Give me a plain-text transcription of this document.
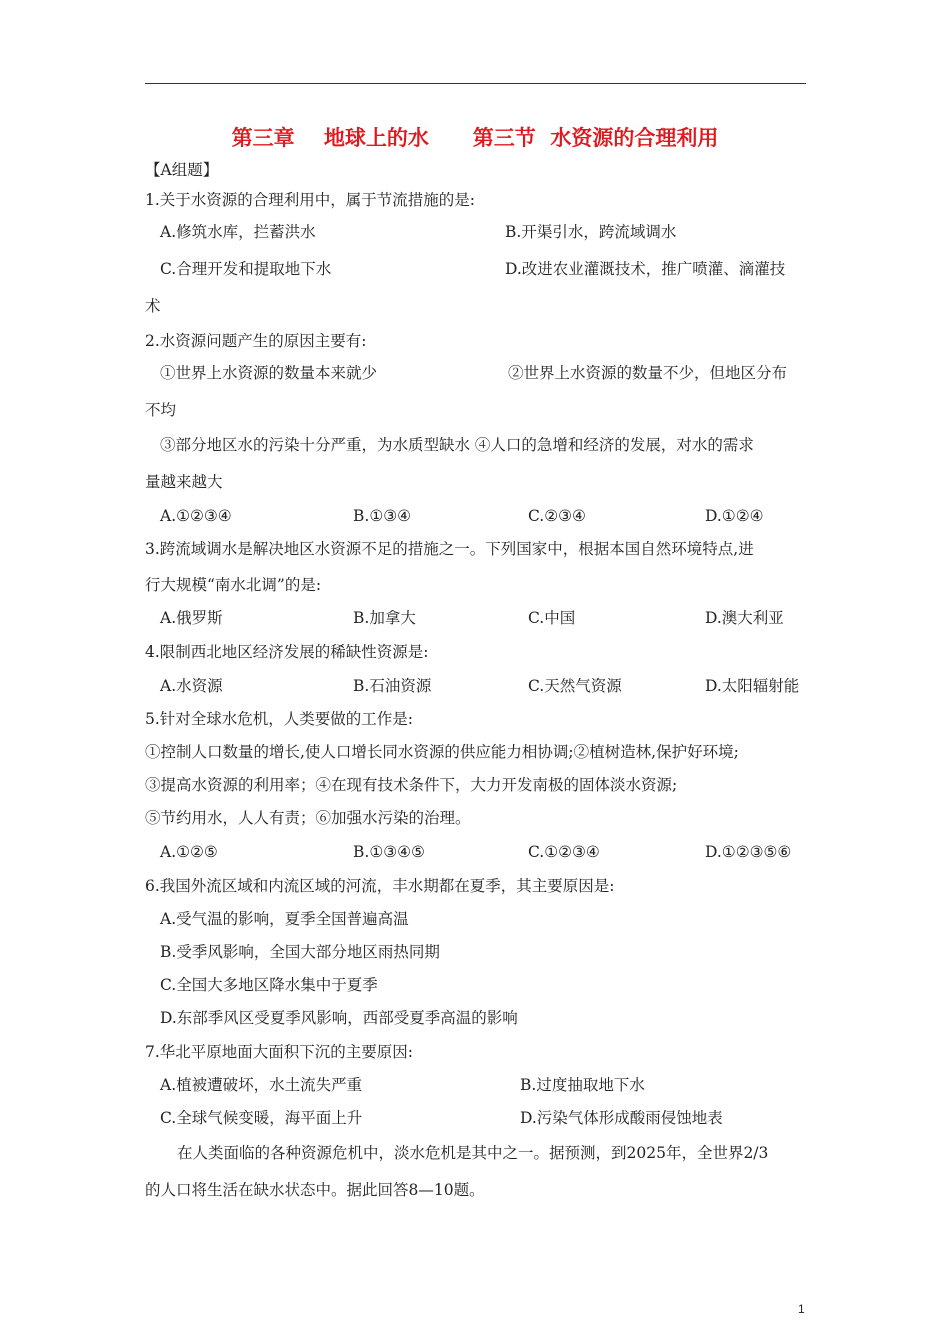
第三章    地球上的水      第三节  水资源的合理利用
【A组题】
1.关于水资源的合理利用中，属于节流措施的是:
A.修筑水库，拦蓄洪水	B.开渠引水，跨流域调水
C.合理开发和提取地下水	D.改进农业灌溉技术，推广喷灌、滴灌技
术
2.水资源问题产生的原因主要有:
①世界上水资源的数量本来就少	②世界上水资源的数量不少，但地区分布
不均
③部分地区水的污染十分严重，为水质型缺水 ④人口的急增和经济的发展，对水的需求
量越来越大
A.①②③④	B.①③④	C.②③④	D.①②④
3.跨流域调水是解决地区水资源不足的措施之一。下列国家中，根据本国自然环境特点,进
行大规模“南水北调”的是:
A.俄罗斯	B.加拿大	C.中国	D.澳大利亚
4.限制西北地区经济发展的稀缺性资源是:
A.水资源	B.石油资源	C.天然气资源	D.太阳辐射能
5.针对全球水危机，人类要做的工作是:
①控制人口数量的增长,使人口增长同水资源的供应能力相协调;②植树造林,保护好环境;
③提高水资源的利用率；④在现有技术条件下，大力开发南极的固体淡水资源;
⑤节约用水，人人有责；⑥加强水污染的治理。
A.①②⑤	B.①③④⑤	C.①②③④	D.①②③⑤⑥
6.我国外流区域和内流区域的河流，丰水期都在夏季，其主要原因是:
A.受气温的影响，夏季全国普遍高温
B.受季风影响，全国大部分地区雨热同期
C.全国大多地区降水集中于夏季
D.东部季风区受夏季风影响，西部受夏季高温的影响
7.华北平原地面大面积下沉的主要原因:
A.植被遭破坏，水土流失严重	B.过度抽取地下水
C.全球气候变暖，海平面上升	D.污染气体形成酸雨侵蚀地表
在人类面临的各种资源危机中，淡水危机是其中之一。据预测，到2025年，全世界2/3
的人口将生活在缺水状态中。据此回答8—10题。
1
